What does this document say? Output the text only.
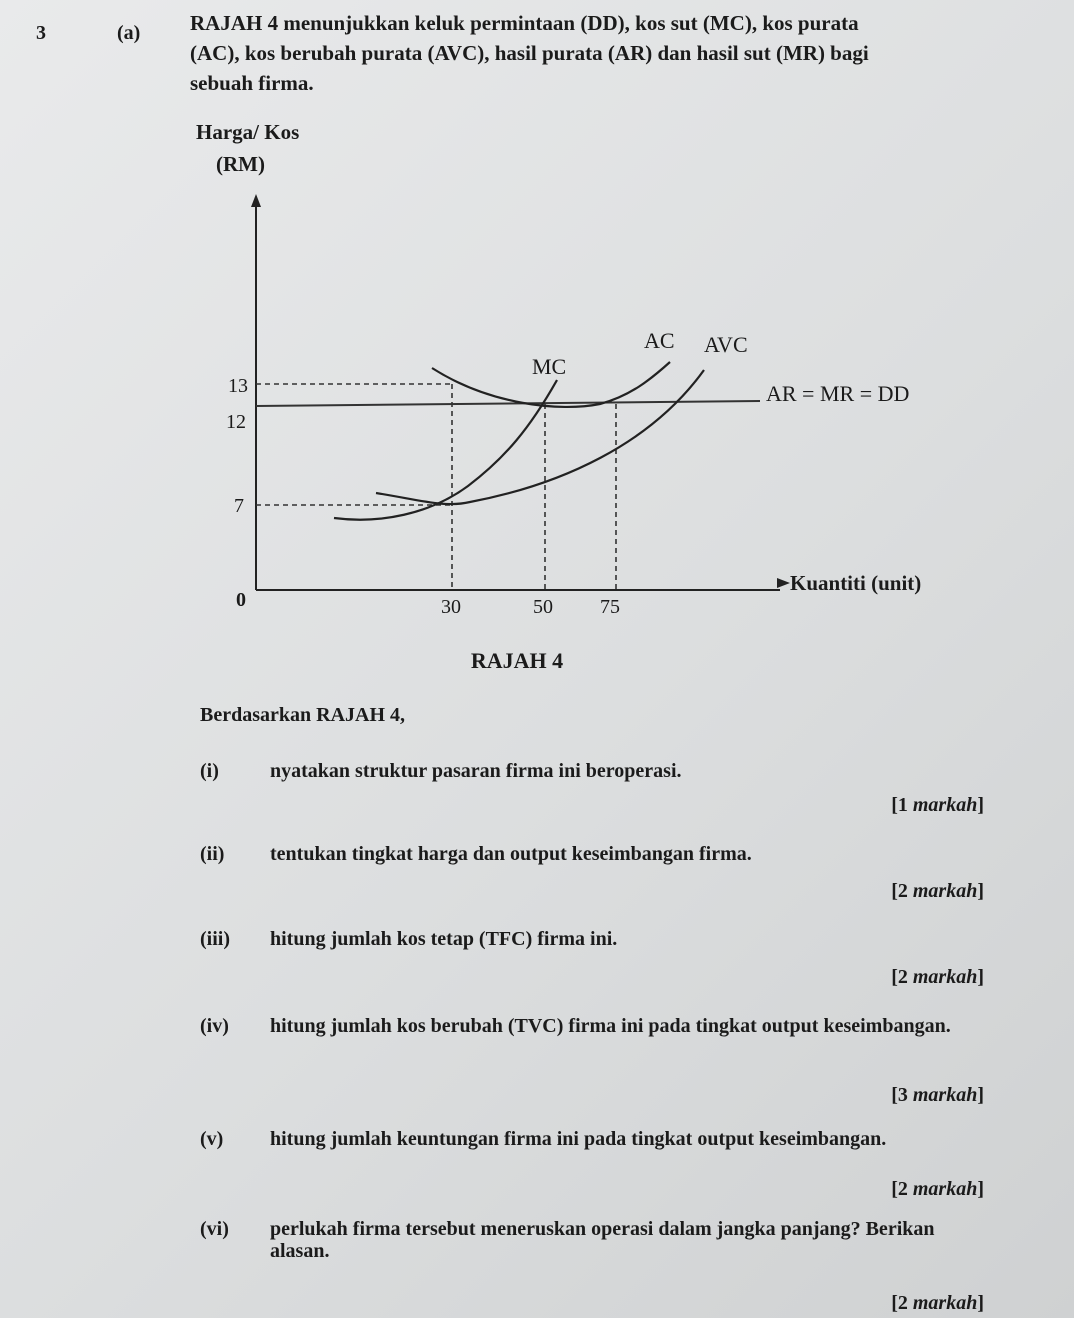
3	(a) RAJAH 4 menunjukkan keluk permintaan (DD), kos sut (MC), kos purata
(AC), kos berubah purata (AVC), hasil purata (AR) dan hasil sut (MR) bagi
sebuah firma.
Harga/ Kos
(RM)
13
12
7
0	30	50 75
MC
AC AVC
AR = MR = DD
Kuantiti (unit)
RAJAH 4
Berdasarkan RAJAH 4,
(i)	nyatakan struktur pasaran firma ini beroperasi.
[1 markah]
(ii) tentukan tingkat harga dan output keseimbangan firma.
[2 markah]
(iii) hitung jumlah kos tetap (TFC) firma ini.
[2 markah]
(iv) hitung jumlah kos berubah (TVC) firma ini pada tingkat output keseimbangan.
[3 markah]
(v) hitung jumlah keuntungan firma ini pada tingkat output keseimbangan.
[2 markah]
(vi) perlukah firma tersebut meneruskan operasi dalam jangka panjang? Berikan alasan.
[2 markah]
